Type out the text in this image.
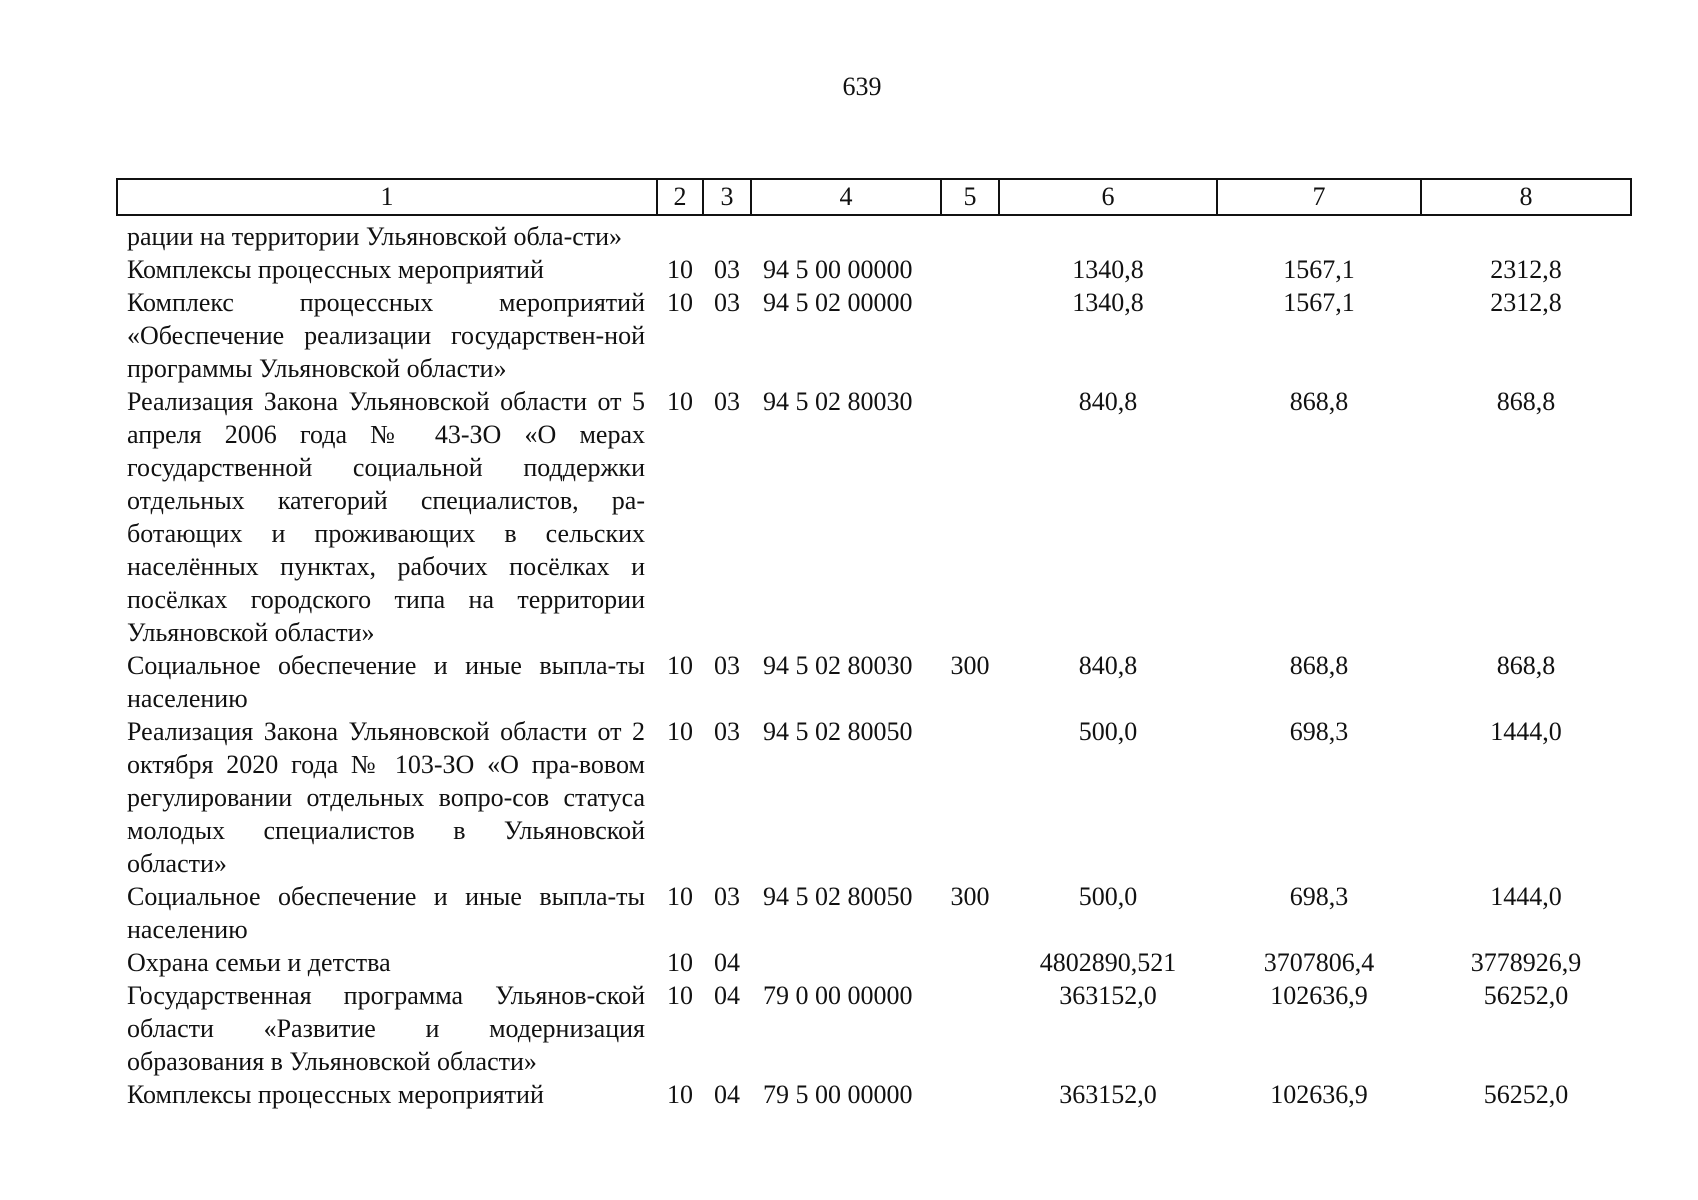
639
1	2	3	4	5	6	7	8
рации на территории Ульяновской обла-сти»							
Комплексы процессных мероприятий	10	03	94 5 00 00000		1340,8	1567,1	2312,8
Комплекс процессных мероприятий «Обеспечение реализации государствен-ной программы Ульяновской области»	10	03	94 5 02 00000		1340,8	1567,1	2312,8
Реализация Закона Ульяновской области от 5 апреля 2006 года № 43-ЗО «О мерах государственной социальной поддержки отдельных категорий специалистов, ра-ботающих и проживающих в сельских населённых пунктах, рабочих посёлках и посёлках городского типа на территории Ульяновской области»	10	03	94 5 02 80030		840,8	868,8	868,8
Социальное обеспечение и иные выпла-ты населению	10	03	94 5 02 80030	300	840,8	868,8	868,8
Реализация Закона Ульяновской области от 2 октября 2020 года № 103-ЗО «О пра-вовом регулировании отдельных вопро-сов статуса молодых специалистов в Ульяновской области»	10	03	94 5 02 80050		500,0	698,3	1444,0
Социальное обеспечение и иные выпла-ты населению	10	03	94 5 02 80050	300	500,0	698,3	1444,0
Охрана семьи и детства	10	04			4802890,521	3707806,4	3778926,9
Государственная программа Ульянов-ской области «Развитие и модернизация образования в Ульяновской области»	10	04	79 0 00 00000		363152,0	102636,9	56252,0
Комплексы процессных мероприятий	10	04	79 5 00 00000		363152,0	102636,9	56252,0
